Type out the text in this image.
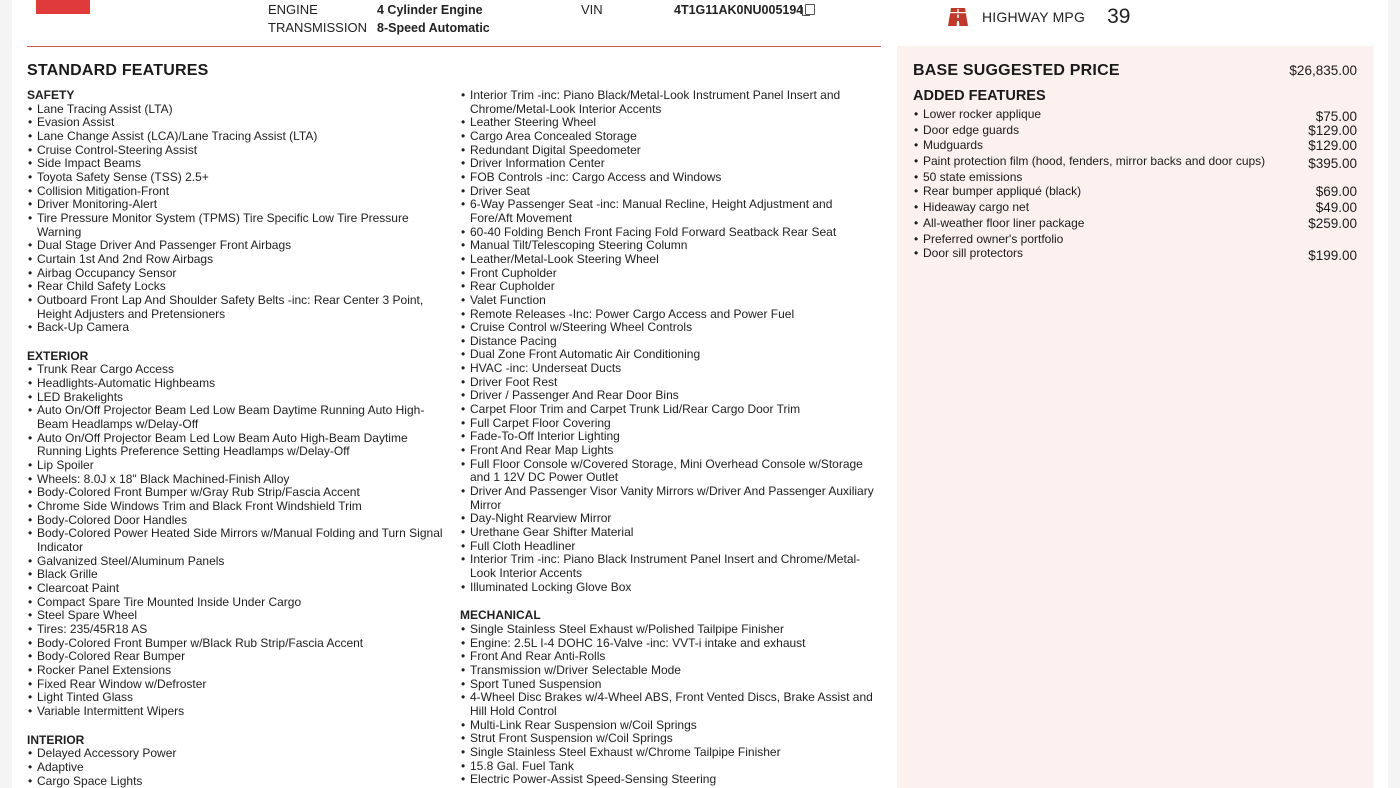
ENGINE	4 Cylinder Engine
TRANSMISSION 8-Speed Automatic
VIN	4T1G11AK0NU005194	HIGHWAY MPG 39
STANDARD FEATURES
SAFETY
• Lane Tracing Assist (LTA)
• Evasion Assist
• Lane Change Assist (LCA)/Lane Tracing Assist (LTA)
• Cruise Control-Steering Assist
• Side Impact Beams
• Toyota Safety Sense (TSS) 2.5+
• Collision Mitigation-Front
• Driver Monitoring-Alert
• Tire Pressure Monitor System (TPMS) Tire Specific Low Tire Pressure Warning
• Dual Stage Driver And Passenger Front Airbags
• Curtain 1st And 2nd Row Airbags
• Airbag Occupancy Sensor
• Rear Child Safety Locks
• Outboard Front Lap And Shoulder Safety Belts -inc: Rear Center 3 Point, Height Adjusters and Pretensioners
• Back-Up Camera
EXTERIOR
• Trunk Rear Cargo Access
• Headlights-Automatic Highbeams
• LED Brakelights
• Auto On/Off Projector Beam Led Low Beam Daytime Running Auto High-Beam Headlamps w/Delay-Off
• Auto On/Off Projector Beam Led Low Beam Auto High-Beam Daytime Running Lights Preference Setting Headlamps w/Delay-Off
• Lip Spoiler
• Wheels: 8.0J x 18" Black Machined-Finish Alloy
• Body-Colored Front Bumper w/Gray Rub Strip/Fascia Accent
• Chrome Side Windows Trim and Black Front Windshield Trim
• Body-Colored Door Handles
• Body-Colored Power Heated Side Mirrors w/Manual Folding and Turn Signal Indicator
• Galvanized Steel/Aluminum Panels
• Black Grille
• Clearcoat Paint
• Compact Spare Tire Mounted Inside Under Cargo
• Steel Spare Wheel
• Tires: 235/45R18 AS
• Body-Colored Front Bumper w/Black Rub Strip/Fascia Accent
• Body-Colored Rear Bumper
• Rocker Panel Extensions
• Fixed Rear Window w/Defroster
• Light Tinted Glass
• Variable Intermittent Wipers
INTERIOR
• Delayed Accessory Power
• Adaptive
• Cargo Space Lights
• Interior Trim -inc: Piano Black/Metal-Look Instrument Panel Insert and Chrome/Metal-Look Interior Accents
• Leather Steering Wheel
• Cargo Area Concealed Storage
• Redundant Digital Speedometer
• Driver Information Center
• FOB Controls -inc: Cargo Access and Windows
• Driver Seat
• 6-Way Passenger Seat -inc: Manual Recline, Height Adjustment and Fore/Aft Movement
• 60-40 Folding Bench Front Facing Fold Forward Seatback Rear Seat
• Manual Tilt/Telescoping Steering Column
• Leather/Metal-Look Steering Wheel
• Front Cupholder
• Rear Cupholder
• Valet Function
• Remote Releases -Inc: Power Cargo Access and Power Fuel
• Cruise Control w/Steering Wheel Controls
• Distance Pacing
• Dual Zone Front Automatic Air Conditioning
• HVAC -inc: Underseat Ducts
• Driver Foot Rest
• Driver / Passenger And Rear Door Bins
• Carpet Floor Trim and Carpet Trunk Lid/Rear Cargo Door Trim
• Full Carpet Floor Covering
• Fade-To-Off Interior Lighting
• Front And Rear Map Lights
• Full Floor Console w/Covered Storage, Mini Overhead Console w/Storage and 1 12V DC Power Outlet
• Driver And Passenger Visor Vanity Mirrors w/Driver And Passenger Auxiliary Mirror
• Day-Night Rearview Mirror
• Urethane Gear Shifter Material
• Full Cloth Headliner
• Interior Trim -inc: Piano Black Instrument Panel Insert and Chrome/Metal-Look Interior Accents
• Illuminated Locking Glove Box
MECHANICAL
• Single Stainless Steel Exhaust w/Polished Tailpipe Finisher
• Engine: 2.5L I-4 DOHC 16-Valve -inc: VVT-i intake and exhaust
• Front And Rear Anti-Rolls
• Transmission w/Driver Selectable Mode
• Sport Tuned Suspension
• 4-Wheel Disc Brakes w/4-Wheel ABS, Front Vented Discs, Brake Assist and Hill Hold Control
• Multi-Link Rear Suspension w/Coil Springs
• Strut Front Suspension w/Coil Springs
• Single Stainless Steel Exhaust w/Chrome Tailpipe Finisher
• 15.8 Gal. Fuel Tank
• Electric Power-Assist Speed-Sensing Steering
BASE SUGGESTED PRICE	$26,835.00
ADDED FEATURES
• Lower rocker applique	$75.00
• Door edge guards	$129.00
• Mudguards	$129.00
• Paint protection film (hood, fenders, mirror backs and door cups)	$395.00
• 50 state emissions
• Rear bumper appliqué (black)	$69.00
• Hideaway cargo net	$49.00
• All-weather floor liner package	$259.00
• Preferred owner's portfolio
• Door sill protectors	$199.00
